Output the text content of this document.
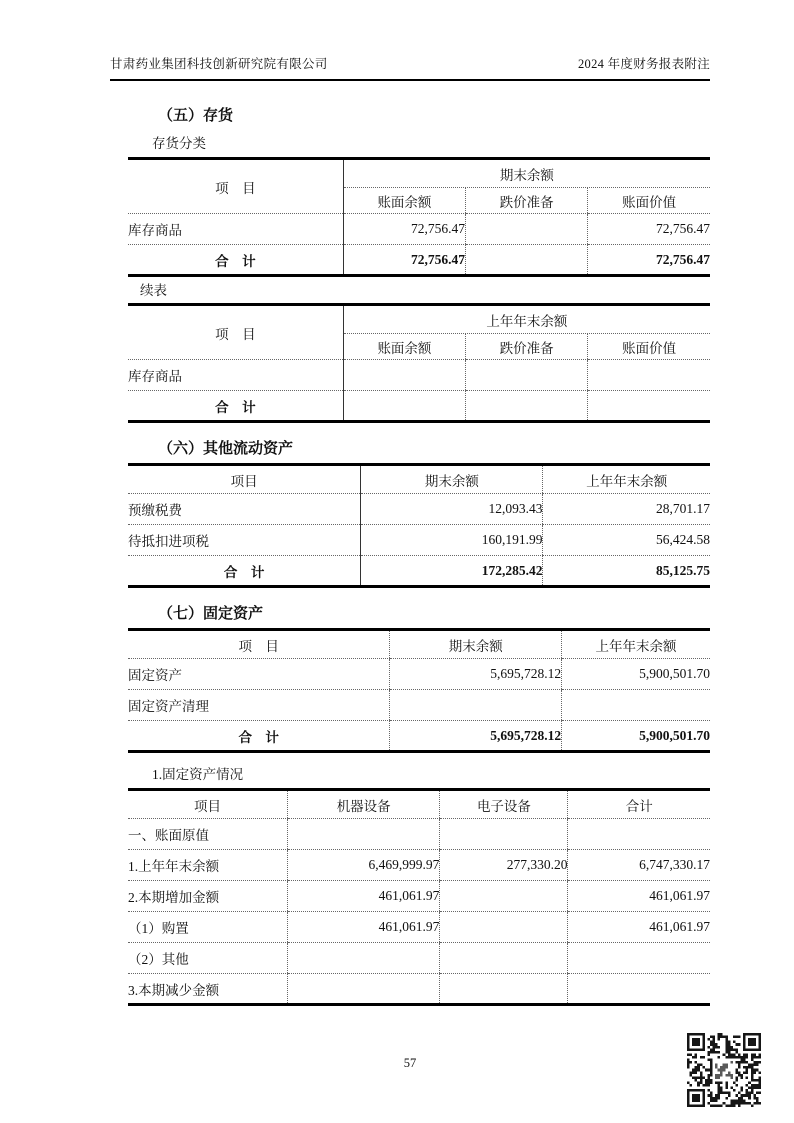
甘肃药业集团科技创新研究院有限公司	2024 年度财务报表附注
（五）存货
存货分类
项　目	期末余额		
	账面余额	跌价准备	账面价值
库存商品	72,756.47		72,756.47
合　计	72,756.47		72,756.47
续表
项　目	上年年末余额		
	账面余额	跌价准备	账面价值
库存商品			
合　计			
（六）其他流动资产
项目	期末余额	上年年末余额
预缴税费	12,093.43	28,701.17
待抵扣进项税	160,191.99	56,424.58
合　计	172,285.42	85,125.75
（七）固定资产
项　目	期末余额	上年年末余额
固定资产	5,695,728.12	5,900,501.70
固定资产清理		
合　计	5,695,728.12	5,900,501.70
1.固定资产情况
项目	机器设备	电子设备	合计
一、账面原值			
1.上年年末余额	6,469,999.97	277,330.20	6,747,330.17
2.本期增加金额	461,061.97		461,061.97
（1）购置	461,061.97		461,061.97
（2）其他			
3.本期减少金额			
57
